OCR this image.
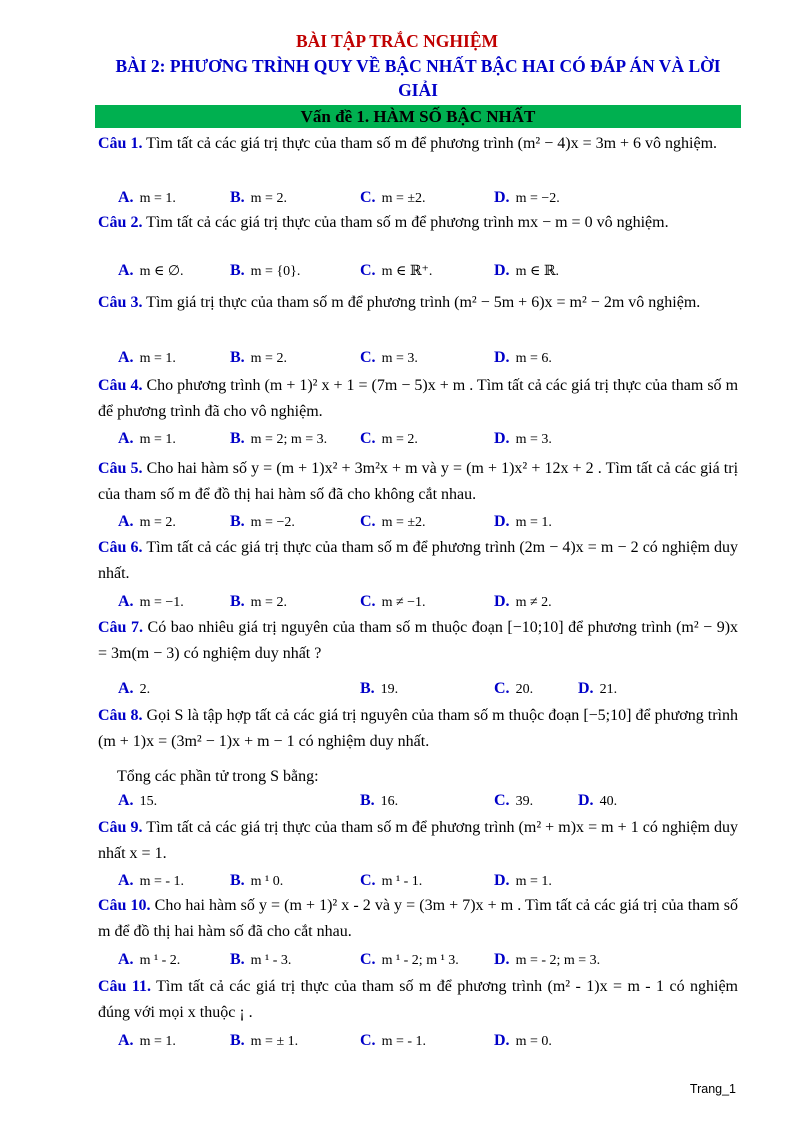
BÀI TẬP TRẮC NGHIỆM
BÀI 2: PHƯƠNG TRÌNH QUY VỀ BẬC NHẤT BẬC HAI CÓ ĐÁP ÁN VÀ LỜI GIẢI
Vấn đề 1. HÀM SỐ BẬC NHẤT
Câu 1. Tìm tất cả các giá trị thực của tham số m để phương trình (m² − 4)x = 3m + 6 vô nghiệm.
A. m = 1.	B. m = 2.	C. m = ±2.	D. m = −2.
Câu 2. Tìm tất cả các giá trị thực của tham số m để phương trình mx − m = 0 vô nghiệm.
A. m ∈ ∅.	B. m = {0}.	C. m ∈ ℝ⁺.	D. m ∈ ℝ.
Câu 3. Tìm giá trị thực của tham số m để phương trình (m² − 5m + 6)x = m² − 2m vô nghiệm.
A. m = 1.	B. m = 2.	C. m = 3.	D. m = 6.
Câu 4. Cho phương trình (m + 1)² x + 1 = (7m − 5)x + m . Tìm tất cả các giá trị thực của tham số m để phương trình đã cho vô nghiệm.
A. m = 1.	B. m = 2; m = 3. C. m = 2.	D. m = 3.
Câu 5. Cho hai hàm số y = (m + 1)x² + 3m²x + m và y = (m + 1)x² + 12x + 2 . Tìm tất cả các giá trị của tham số m để đồ thị hai hàm số đã cho không cắt nhau.
A. m = 2.	B. m = −2.	C. m = ±2.	D. m = 1.
Câu 6. Tìm tất cả các giá trị thực của tham số m để phương trình (2m − 4)x = m − 2 có nghiệm duy nhất.
A. m = −1.	B. m = 2.	C. m ≠ −1.	D. m ≠ 2.
Câu 7. Có bao nhiêu giá trị nguyên của tham số m thuộc đoạn [−10;10] để phương trình (m² − 9)x = 3m(m − 3) có nghiệm duy nhất ?
A. 2.	B. 19.	C. 20.	D. 21.
Câu 8. Gọi S là tập hợp tất cả các giá trị nguyên của tham số m thuộc đoạn [−5;10] để phương trình (m + 1)x = (3m² − 1)x + m − 1 có nghiệm duy nhất.
Tổng các phần tử trong S bằng:
A. 15.	B. 16.	C. 39.	D. 40.
Câu 9. Tìm tất cả các giá trị thực của tham số m để phương trình (m² + m)x = m + 1 có nghiệm duy nhất x = 1.
A. m = - 1.	B. m ¹ 0.	C. m ¹ - 1.	D. m = 1.
Câu 10. Cho hai hàm số y = (m + 1)² x - 2 và y = (3m + 7)x + m . Tìm tất cả các giá trị của tham số m để đồ thị hai hàm số đã cho cắt nhau.
A. m ¹ - 2.	B. m ¹ - 3.	C. m ¹ - 2; m ¹ 3. D. m = - 2; m = 3.
Câu 11. Tìm tất cả các giá trị thực của tham số m để phương trình (m² - 1)x = m - 1 có nghiệm đúng với mọi x thuộc ¡ .
A. m = 1.	B. m = ± 1.	C. m = - 1.	D. m = 0.
Trang_1
